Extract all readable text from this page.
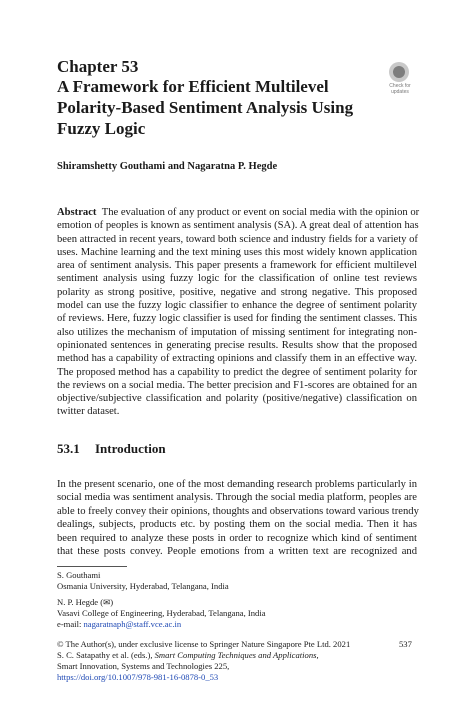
Chapter 53
A Framework for Efficient Multilevel
Polarity-Based Sentiment Analysis Using
Fuzzy Logic
Check for
updates
Shiramshetty Gouthami and Nagaratna P. Hegde
Abstract The evaluation of any product or event on social media with the opinion or
emotion of peoples is known as sentiment analysis (SA). A great deal of attention has
been attracted in recent years, toward both science and industry fields for a variety of
uses. Machine learning and the text mining uses this most widely known application
area of sentiment analysis. This paper presents a framework for efficient multilevel
sentiment analysis using fuzzy logic for the classification of online test reviews
polarity as strong positive, positive, negative and strong negative. This proposed
model can use the fuzzy logic classifier to enhance the degree of sentiment polarity
of reviews. Here, fuzzy logic classifier is used for finding the sentiment classes. This
also utilizes the mechanism of imputation of missing sentiment for integrating non-
opinionated sentences in generating precise results. Results show that the proposed
method has a capability of extracting opinions and classify them in an effective way.
The proposed method has a capability to predict the degree of sentiment polarity for
the reviews on a social media. The better precision and F1-scores are obtained for an
objective/subjective classification and polarity (positive/negative) classification on
twitter dataset.
53.1 Introduction
In the present scenario, one of the most demanding research problems particularly in
social media was sentiment analysis. Through the social media platform, peoples are
able to freely convey their opinions, thoughts and observations toward various trendy
dealings, subjects, products etc. by posting them on the social media. Then it has
been required to analyze these posts in order to recognize which kind of sentiment
that these posts convey. People emotions from a written text are recognized and
S. Gouthami
Osmania University, Hyderabad, Telangana, India
N. P. Hegde (✉)
Vasavi College of Engineering, Hyderabad, Telangana, India
e-mail: nagaratnaph@staff.vce.ac.in
© The Author(s), under exclusive license to Springer Nature Singapore Pte Ltd. 2021
S. C. Satapathy et al. (eds.), Smart Computing Techniques and Applications,
Smart Innovation, Systems and Technologies 225,
https://doi.org/10.1007/978-981-16-0878-0_53
537
